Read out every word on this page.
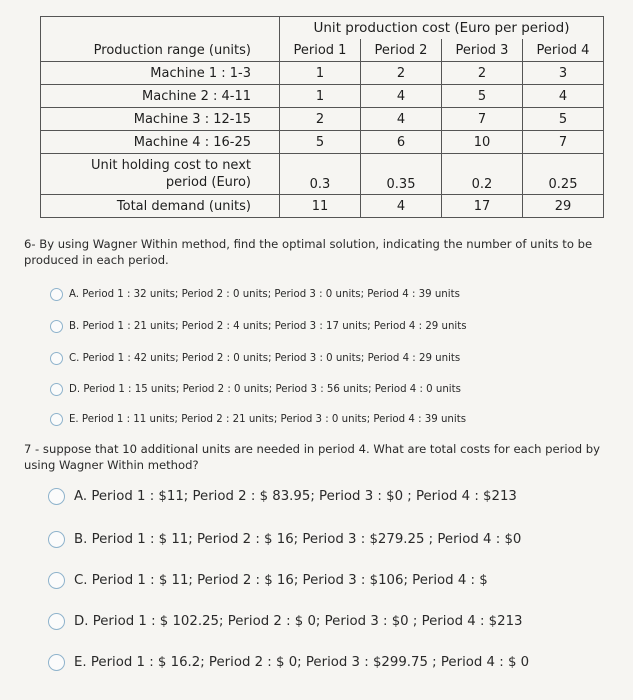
	Unit production cost (Euro per period)			
Production range (units)	Period 1	Period 2	Period 3	Period 4
Machine 1 : 1-3	1	2	2	3
Machine 2 : 4-11	1	4	5	4
Machine 3 : 12-15	2	4	7	5
Machine 4 : 16-25	5	6	10	7

Unit holding cost to next
period (Euro)	0.3	0.35	0.2	0.25
Total demand (units)	11	4	17	29
6- By using Wagner Within method, find the optimal solution, indicating the number of units to be produced in each period.
A. Period 1 : 32 units; Period 2 : 0 units; Period 3 : 0 units; Period 4 : 39 units
B. Period 1 : 21 units; Period 2 : 4 units; Period 3 : 17 units; Period 4 : 29 units
C. Period 1 : 42 units; Period 2 : 0 units; Period 3 : 0 units; Period 4 : 29 units
D. Period 1 : 15 units; Period 2 : 0 units; Period 3 : 56 units; Period 4 : 0 units
E. Period 1 : 11 units; Period 2 : 21 units; Period 3 : 0 units; Period 4 : 39 units
7 - suppose that 10 additional units are needed in period 4. What are total costs for each period by using Wagner Within method?
A. Period 1 : $11; Period 2 : $ 83.95; Period 3 : $0 ; Period 4 : $213
B. Period 1 : $ 11; Period 2 : $ 16; Period 3 : $279.25 ; Period 4 : $0
C. Period 1 : $ 11; Period 2 : $ 16; Period 3 : $106; Period 4 : $
D. Period 1 : $ 102.25; Period 2 : $ 0; Period 3 : $0 ; Period 4 : $213
E. Period 1 : $ 16.2; Period 2 : $ 0; Period 3 : $299.75 ; Period 4 : $ 0
